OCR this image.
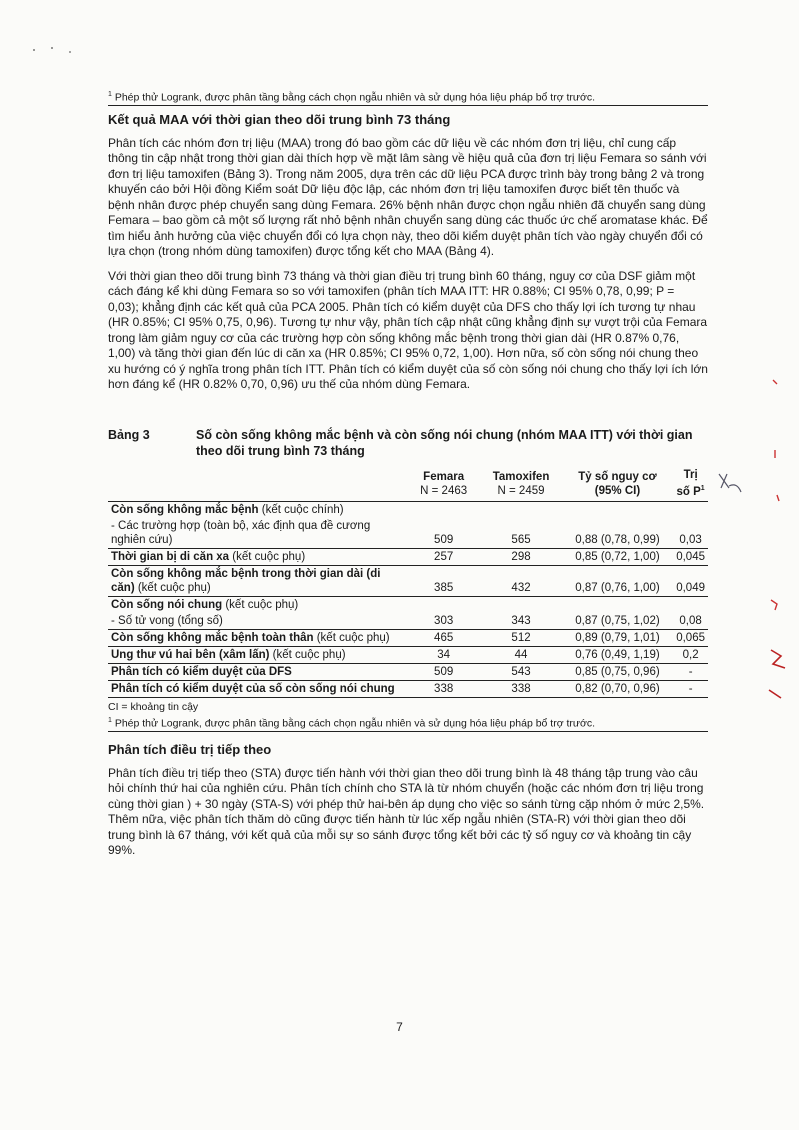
$^1$ Phép thử Logrank, được phân tầng bằng cách chọn ngẫu nhiên và sử dụng hóa liệu pháp bổ trợ trước.

Kết quả MAA với thời gian theo dõi trung bình 73 tháng

Phân tích các nhóm đơn trị liệu (MAA) trong đó bao gồm các dữ liệu về các nhóm đơn trị liệu, chỉ cung cấp thông tin cập nhật trong thời gian dài thích hợp về mặt lâm sàng về hiệu quả của đơn trị liệu Femara so sánh với đơn trị liệu tamoxifen (Bảng 3). Trong năm 2005, dựa trên các dữ liệu PCA được trình bày trong bảng 2 và trong khuyến cáo bởi Hội đồng Kiểm soát Dữ liệu độc lập, các nhóm đơn trị liệu tamoxifen được biết tên thuốc và bệnh nhân được phép chuyển sang dùng Femara. 26% bệnh nhân được chọn ngẫu nhiên đã chuyển sang dùng Femara – bao gồm cả một số lượng rất nhỏ bệnh nhân chuyển sang dùng các thuốc ức chế aromatase khác. Để tìm hiểu ảnh hưởng của việc chuyển đổi có lựa chọn này, theo dõi kiểm duyệt phân tích vào ngày chuyển đổi có lựa chọn (trong nhóm dùng tamoxifen) được tổng kết cho MAA (Bảng 4).

Với thời gian theo dõi trung bình 73 tháng và thời gian điều trị trung bình 60 tháng, nguy cơ của DSF giảm một cách đáng kể khi dùng Femara so so với tamoxifen (phân tích MAA ITT: HR 0.88%; CI 95% 0,78, 0,99; P = 0,03); khẳng định các kết quả của PCA 2005. Phân tích có kiểm duyệt của DFS cho thấy lợi ích tương tự nhau (HR 0.85%; CI 95% 0,75, 0,96). Tương tự như vậy, phân tích cập nhật cũng khẳng định sự vượt trội của Femara trong làm giảm nguy cơ của các trường hợp còn sống không mắc bệnh trong thời gian dài (HR 0.87% 0,76, 1,00) và tăng thời gian đến lúc di căn xa (HR 0.85%; CI 95% 0,72, 1,00). Hơn nữa, số còn sống nói chung theo xu hướng có ý nghĩa trong phân tích ITT. Phân tích có kiểm duyệt của số còn sống nói chung cho thấy lợi ích lớn hơn đáng kể (HR 0.82% 0,70, 0,96) ưu thế của nhóm dùng Femara.

Bảng 3	Số còn sống không mắc bệnh và còn sống nói chung (nhóm MAA ITT) với thời gian theo dõi trung bình 73 tháng
	Femara
N = 2463	Tamoxifen
N = 2459	Tỷ số nguy cơ
(95% CI)	Trị số $P^1$
Còn sống không mắc bệnh (kết cuộc chính)				
- Các trường hợp (toàn bộ, xác định qua đề cương nghiên cứu)	509	565	0,88 (0,78, 0,99)	0,03
Thời gian bị di căn xa (kết cuộc phụ)	257	298	0,85 (0,72, 1,00)	0,045
Còn sống không mắc bệnh trong thời gian dài (di căn) (kết cuộc phụ)	385	432	0,87 (0,76, 1,00)	0,049
Còn sống nói chung (kết cuộc phụ)				
- Số tử vong (tổng số)	303	343	0,87 (0,75, 1,02)	0,08
Còn sống không mắc bệnh toàn thân (kết cuộc phụ)	465	512	0,89 (0,79, 1,01)	0,065
Ung thư vú hai bên (xâm lấn) (kết cuộc phụ)	34	44	0,76 (0,49, 1,19)	0,2
Phân tích có kiểm duyệt của DFS	509	543	0,85 (0,75, 0,96)	-
Phân tích có kiểm duyệt của số còn sống nói chung	338	338	0,82 (0,70, 0,96)	-

CI = khoảng tin cậy

$^1$ Phép thử Logrank, được phân tầng bằng cách chọn ngẫu nhiên và sử dụng hóa liệu pháp bổ trợ trước.

Phân tích điều trị tiếp theo

Phân tích điều trị tiếp theo (STA) được tiến hành với thời gian theo dõi trung bình là 48 tháng tập trung vào câu hỏi chính thứ hai của nghiên cứu. Phân tích chính cho STA là từ nhóm chuyển (hoặc các nhóm đơn trị liệu trong cùng thời gian ) + 30 ngày (STA-S) với phép thử hai-bên áp dụng cho việc so sánh từng cặp nhóm ở mức 2,5%. Thêm nữa, việc phân tích thăm dò cũng được tiến hành từ lúc xếp ngẫu nhiên (STA-R) với thời gian theo dõi trung bình là 67 tháng, với kết quả của mỗi sự so sánh được tổng kết bởi các tỷ số nguy cơ và khoảng tin cậy 99%.

7
